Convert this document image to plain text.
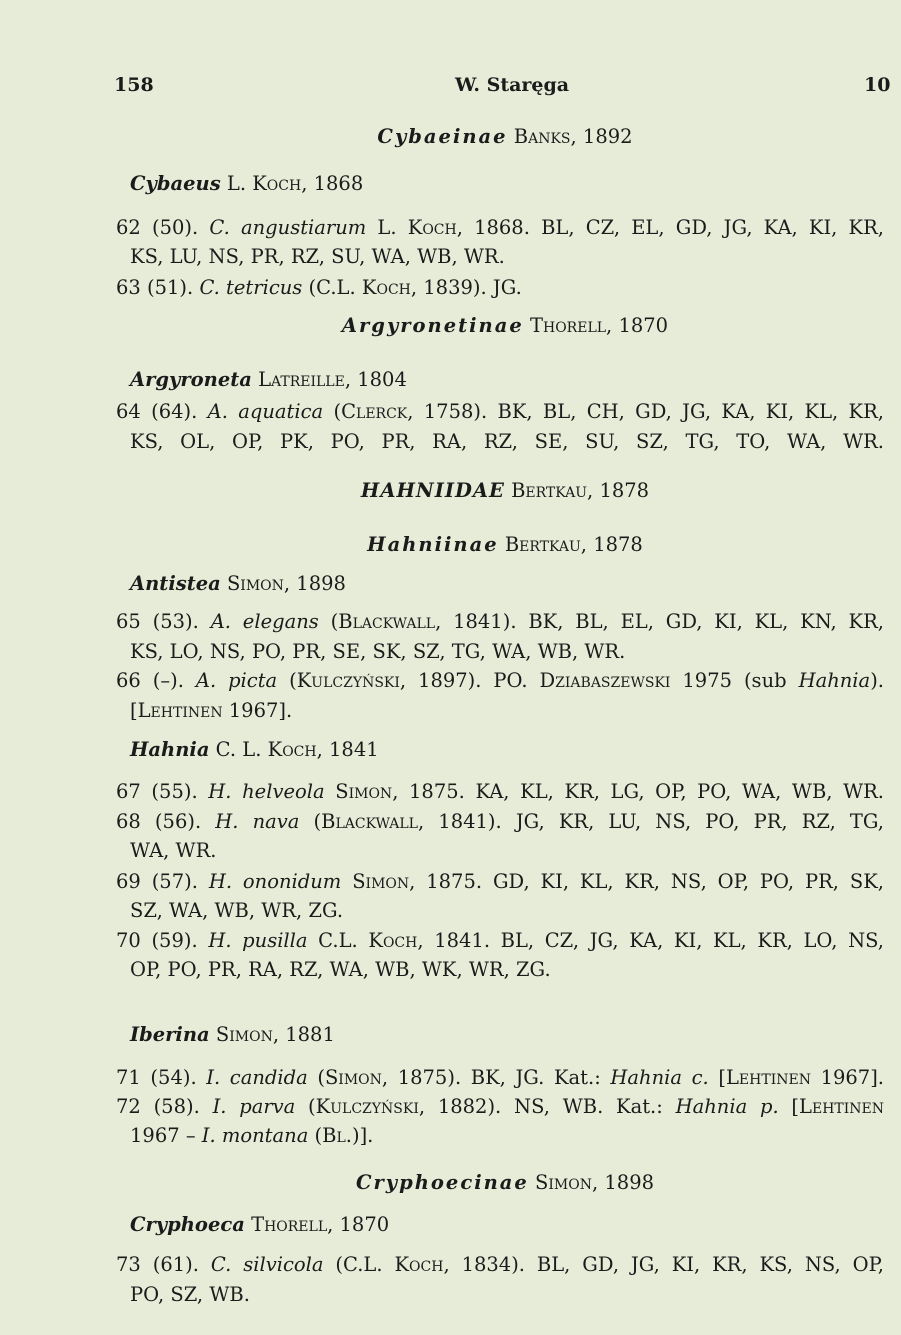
158	W. Staręga	10
Cybaeinae Banks, 1892
Cybaeus L. Koch, 1868
62 (50). C. angustiarum L. Koch, 1868. BL, CZ, EL, GD, JG, KA, KI, KR,
KS, LU, NS, PR, RZ, SU, WA, WB, WR.
63 (51). C. tetricus (C.L. Koch, 1839). JG.
Argyronetinae Thorell, 1870
Argyroneta Latreille, 1804
64 (64). A. aquatica (Clerck, 1758). BK, BL, CH, GD, JG, KA, KI, KL, KR,
KS, OL, OP, PK, PO, PR, RA, RZ, SE, SU, SZ, TG, TO, WA, WR.
HAHNIIDAE Bertkau, 1878
Hahniinae Bertkau, 1878
Antistea Simon, 1898
65 (53). A. elegans (Blackwall, 1841). BK, BL, EL, GD, KI, KL, KN, KR,
KS, LO, NS, PO, PR, SE, SK, SZ, TG, WA, WB, WR.
66 (–). A. picta (Kulczyński, 1897). PO. Dziabaszewski 1975 (sub Hahnia).
[Lehtinen 1967].
Hahnia C. L. Koch, 1841
67 (55). H. helveola Simon, 1875. KA, KL, KR, LG, OP, PO, WA, WB, WR.
68 (56). H. nava (Blackwall, 1841). JG, KR, LU, NS, PO, PR, RZ, TG,
WA, WR.
69 (57). H. ononidum Simon, 1875. GD, KI, KL, KR, NS, OP, PO, PR, SK,
SZ, WA, WB, WR, ZG.
70 (59). H. pusilla C.L. Koch, 1841. BL, CZ, JG, KA, KI, KL, KR, LO, NS,
OP, PO, PR, RA, RZ, WA, WB, WK, WR, ZG.
Iberina Simon, 1881
71 (54). I. candida (Simon, 1875). BK, JG. Kat.: Hahnia c. [Lehtinen 1967].
72 (58). I. parva (Kulczyński, 1882). NS, WB. Kat.: Hahnia p. [Lehtinen
1967 – I. montana (Bl.)].
Cryphoecinae Simon, 1898
Cryphoeca Thorell, 1870
73 (61). C. silvicola (C.L. Koch, 1834). BL, GD, JG, KI, KR, KS, NS, OP,
PO, SZ, WB.
